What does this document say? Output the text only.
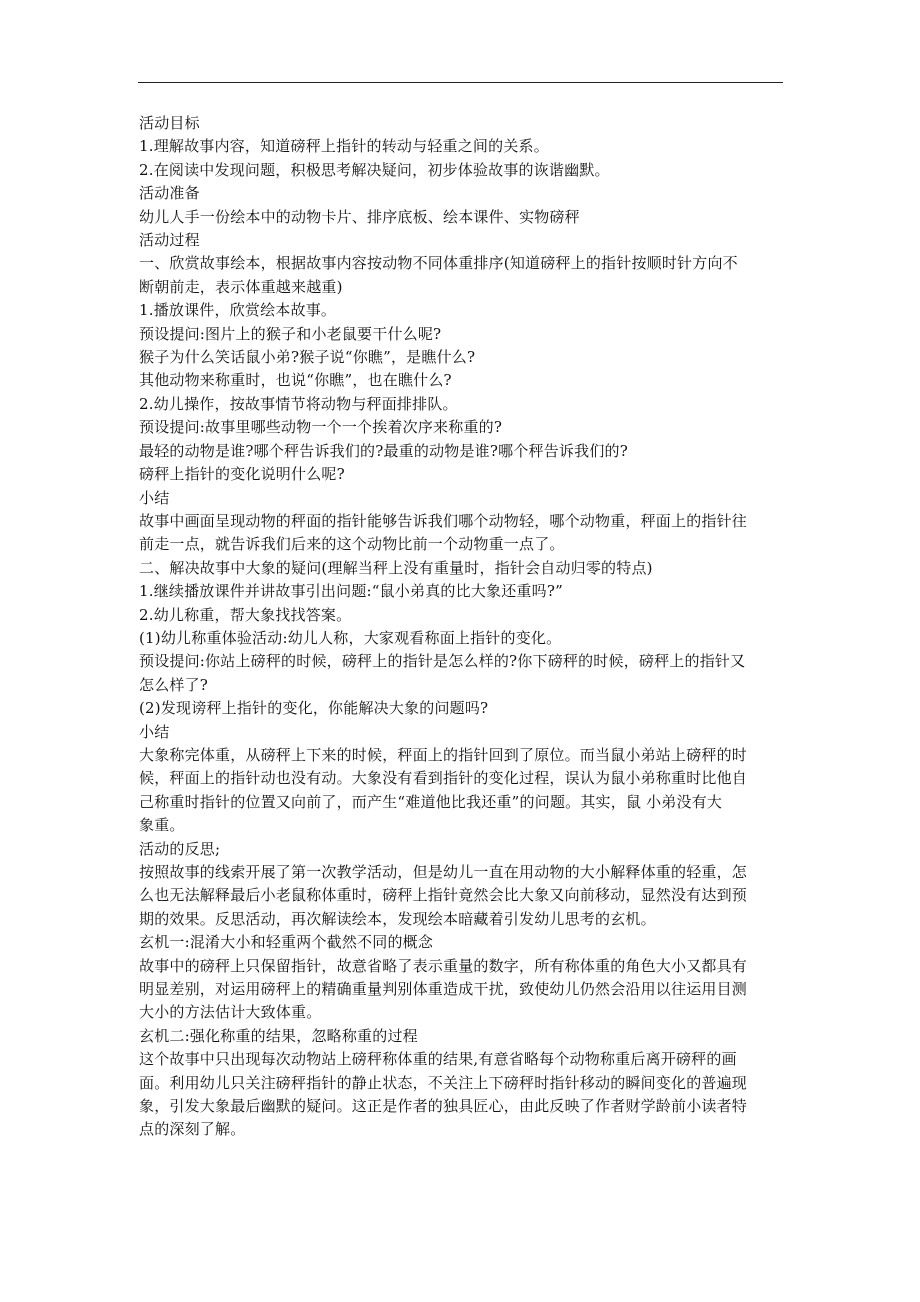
活动目标
1.理解故事内容，知道磅秤上指针的转动与轻重之间的关系。
2.在阅读中发现问题，积极思考解决疑问，初步体验故事的诙谐幽默。
活动准备
幼儿人手一份绘本中的动物卡片、排序底板、绘本课件、实物磅秤
活动过程
一、欣赏故事绘本，根据故事内容按动物不同体重排序(知道磅秤上的指针按顺时针方向不
断朝前走，表示体重越来越重)
1.播放课件，欣赏绘本故事。
预设提问:图片上的猴子和小老鼠要干什么呢?
猴子为什么笑话鼠小弟?猴子说“你瞧”，是瞧什么?
其他动物来称重时，也说“你瞧”，也在瞧什么?
2.幼儿操作，按故事情节将动物与秤面排排队。
预设提问:故事里哪些动物一个一个挨着次序来称重的?
最轻的动物是谁?哪个秤告诉我们的?最重的动物是谁?哪个秤告诉我们的?
磅秤上指针的变化说明什么呢?
小结
故事中画面呈现动物的秤面的指针能够告诉我们哪个动物轻，哪个动物重，秤面上的指针往
前走一点，就告诉我们后来的这个动物比前一个动物重一点了。
二、解决故事中大象的疑问(理解当秤上没有重量时，指针会自动归零的特点)
1.继续播放课件并讲故事引出问题:“鼠小弟真的比大象还重吗?”
2.幼儿称重，帮大象找找答案。
(1)幼儿称重体验活动:幼儿人称，大家观看称面上指针的变化。
预设提问:你站上磅秤的时候，磅秤上的指针是怎么样的?你下磅秤的时候，磅秤上的指针又
怎么样了?
(2)发现谤秤上指针的变化，你能解决大象的问题吗?
小结
大象称完体重，从磅秤上下来的时候，秤面上的指针回到了原位。而当鼠小弟站上磅秤的时
候，秤面上的指针动也没有动。大象没有看到指针的变化过程，误认为鼠小弟称重时比他自
己称重时指针的位置又向前了，而产生“难道他比我还重”的问题。其实，鼠 小弟没有大
象重。
活动的反思;
按照故事的线索开展了第一次教学活动，但是幼儿一直在用动物的大小解释体重的轻重，怎
么也无法解释最后小老鼠称体重时，磅秤上指针竟然会比大象又向前移动，显然没有达到预
期的效果。反思活动，再次解读绘本，发现绘本暗藏着引发幼儿思考的玄机。
玄机一:混淆大小和轻重两个截然不同的概念
故事中的磅秤上只保留指针，故意省略了表示重量的数字，所有称体重的角色大小又都具有
明显差别，对运用磅秤上的精确重量判别体重造成干扰，致使幼儿仍然会沿用以往运用目测
大小的方法估计大致体重。
玄机二:强化称重的结果，忽略称重的过程
这个故事中只出现每次动物站上磅秤称体重的结果,有意省略每个动物称重后离开磅秤的画
面。利用幼儿只关注磅秤指针的静止状态，不关注上下磅秤时指针移动的瞬间变化的普遍现
象，引发大象最后幽默的疑问。这正是作者的独具匠心，由此反映了作者财学龄前小读者特
点的深刻了解。
